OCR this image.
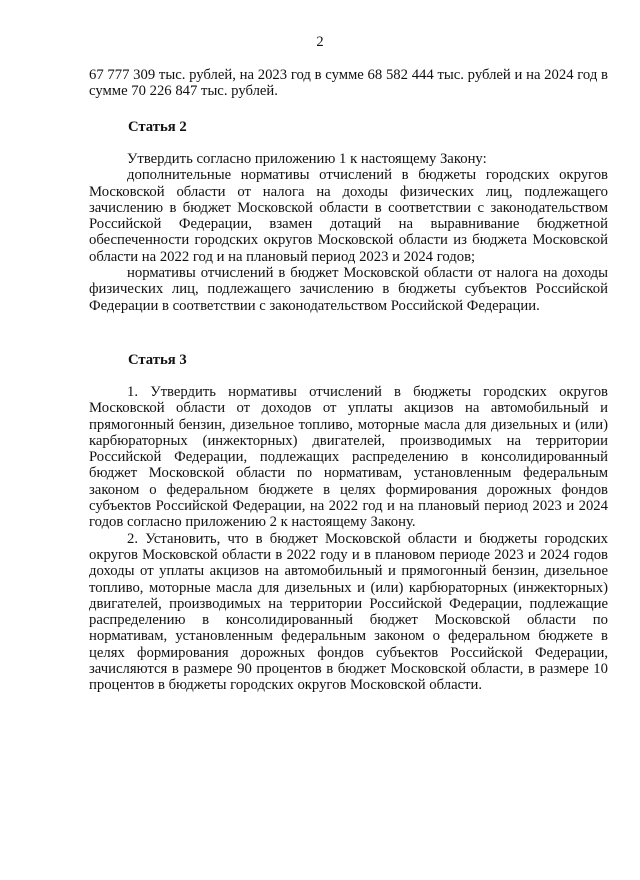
2

67 777 309 тыс. рублей, на 2023 год в сумме 68 582 444 тыс. рублей и на 2024 год в сумме 70 226 847 тыс. рублей.

Статья 2

Утвердить согласно приложению 1 к настоящему Закону:

дополнительные нормативы отчислений в бюджеты городских округов Московской области от налога на доходы физических лиц, подлежащего зачислению в бюджет Московской области в соответствии с законодательством Российской Федерации, взамен дотаций на выравнивание бюджетной обеспеченности городских округов Московской области из бюджета Московской области на 2022 год и на плановый период 2023 и 2024 годов;

нормативы отчислений в бюджет Московской области от налога на доходы физических лиц, подлежащего зачислению в бюджеты субъектов Российской Федерации в соответствии с законодательством Российской Федерации.

Статья 3

1. Утвердить нормативы отчислений в бюджеты городских округов Московской области от доходов от уплаты акцизов на автомобильный и прямогонный бензин, дизельное топливо, моторные масла для дизельных и (или) карбюраторных (инжекторных) двигателей, производимых на территории Российской Федерации, подлежащих распределению в консолидированный бюджет Московской области по нормативам, установленным федеральным законом о федеральном бюджете в целях формирования дорожных фондов субъектов Российской Федерации, на 2022 год и на плановый период 2023 и 2024 годов согласно приложению 2 к настоящему Закону.

2. Установить, что в бюджет Московской области и бюджеты городских округов Московской области в 2022 году и в плановом периоде 2023 и 2024 годов доходы от уплаты акцизов на автомобильный и прямогонный бензин, дизельное топливо, моторные масла для дизельных и (или) карбюраторных (инжекторных) двигателей, производимых на территории Российской Федерации, подлежащие распределению в консолидированный бюджет Московской области по нормативам, установленным федеральным законом о федеральном бюджете в целях формирования дорожных фондов субъектов Российской Федерации, зачисляются в размере 90 процентов в бюджет Московской области, в размере 10 процентов в бюджеты городских округов Московской области.
